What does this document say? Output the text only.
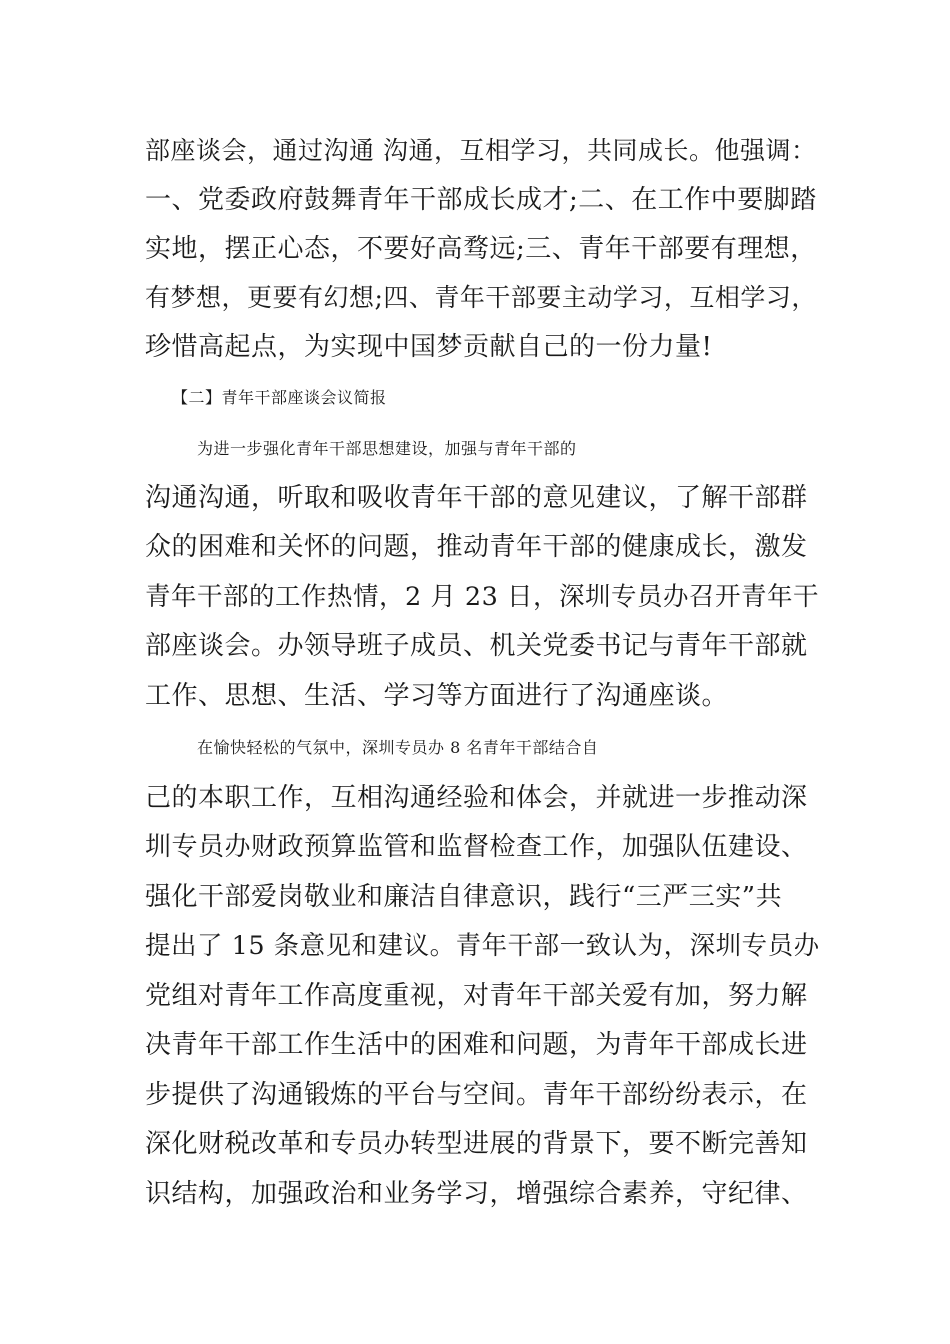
部座谈会，通过沟通 沟通，互相学习，共同成长。他强调：
一、党委政府鼓舞青年干部成长成才;二、在工作中要脚踏
实地，摆正心态，不要好高骛远;三、青年干部要有理想，
有梦想，更要有幻想;四、青年干部要主动学习，互相学习，
珍惜高起点，为实现中国梦贡献自己的一份力量!
【二】青年干部座谈会议简报
为进一步强化青年干部思想建设，加强与青年干部的
沟通沟通，听取和吸收青年干部的意见建议，了解干部群
众的困难和关怀的问题，推动青年干部的健康成长，激发
青年干部的工作热情，2 月 23 日，深圳专员办召开青年干
部座谈会。办领导班子成员、机关党委书记与青年干部就
工作、思想、生活、学习等方面进行了沟通座谈。
在愉快轻松的气氛中，深圳专员办 8 名青年干部结合自
己的本职工作，互相沟通经验和体会，并就进一步推动深
圳专员办财政预算监管和监督检查工作，加强队伍建设、
强化干部爱岗敬业和廉洁自律意识，践行“三严三实”共
提出了 15 条意见和建议。青年干部一致认为，深圳专员办
党组对青年工作高度重视，对青年干部关爱有加，努力解
决青年干部工作生活中的困难和问题，为青年干部成长进
步提供了沟通锻炼的平台与空间。青年干部纷纷表示，在
深化财税改革和专员办转型进展的背景下，要不断完善知
识结构，加强政治和业务学习，增强综合素养，守纪律、
